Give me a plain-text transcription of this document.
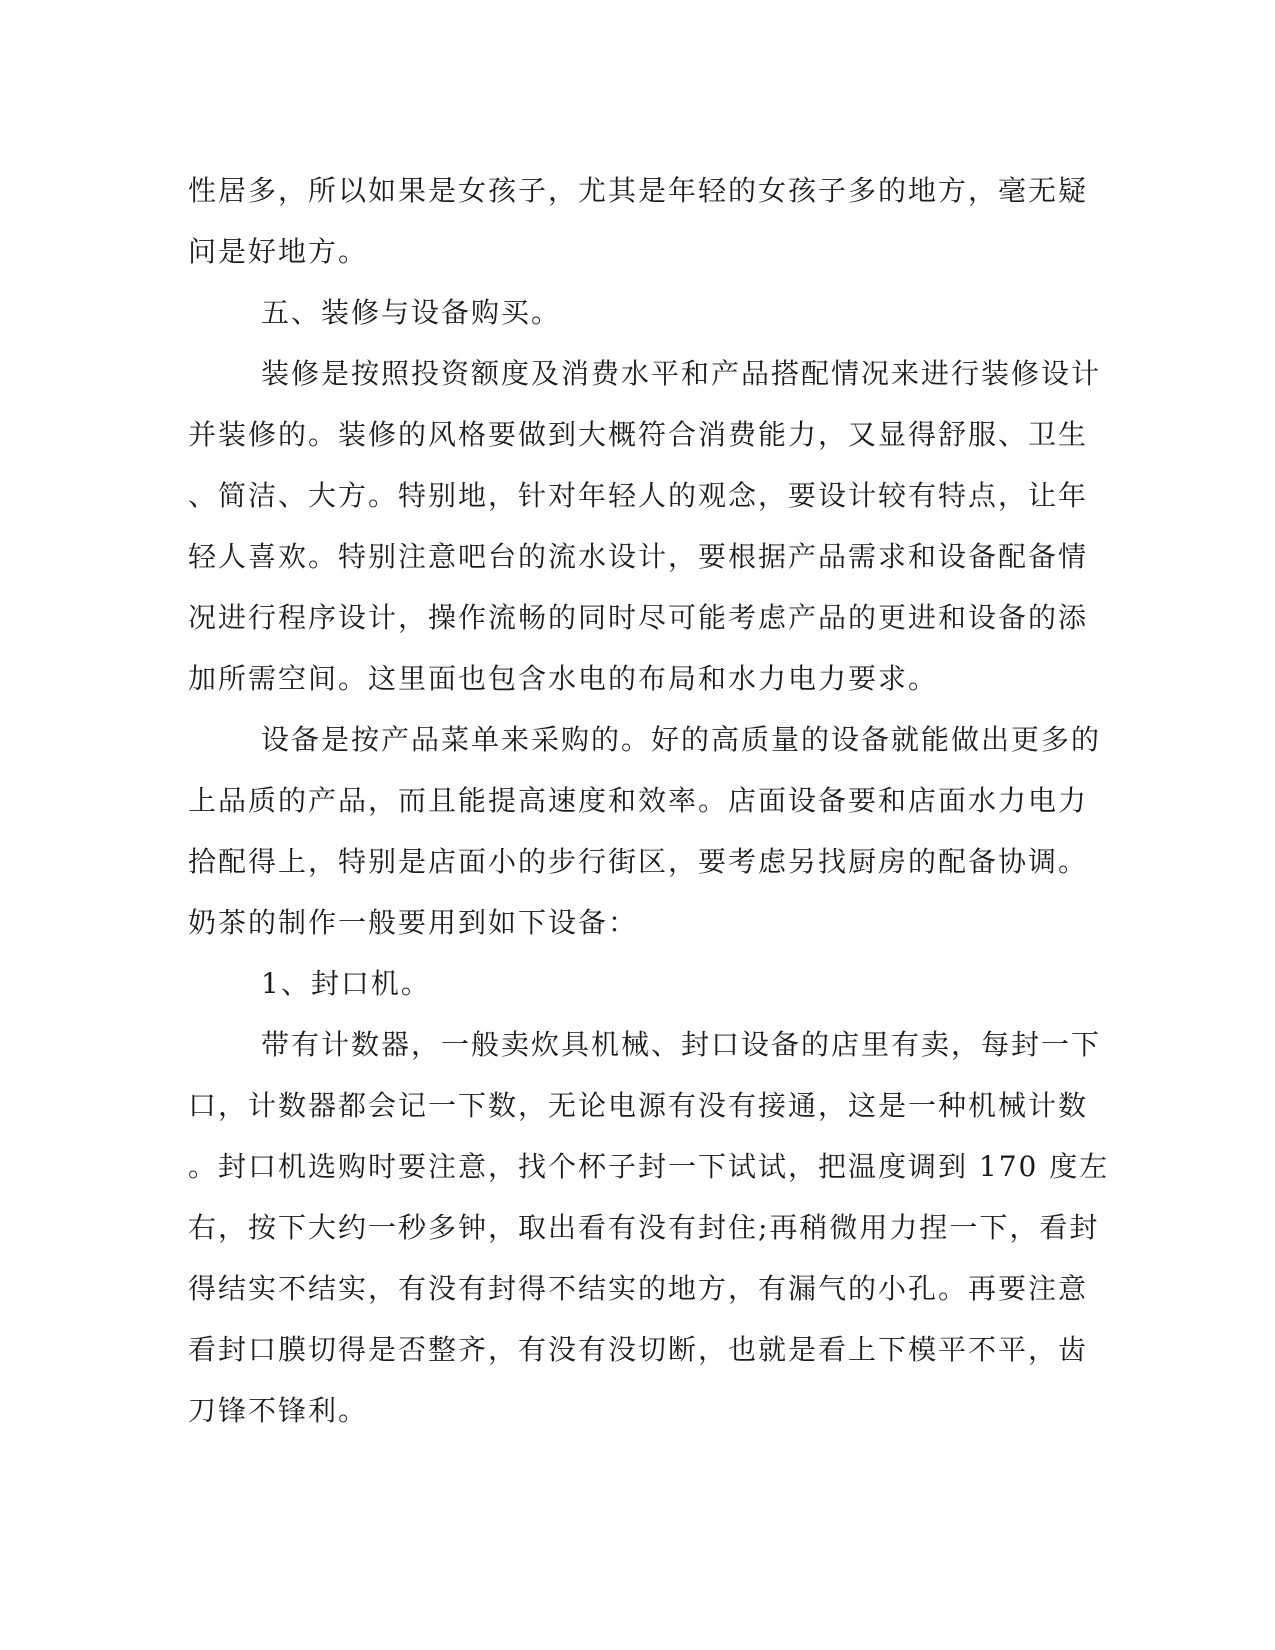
性居多，所以如果是女孩子，尤其是年轻的女孩子多的地方，毫无疑
问是好地方。
五、装修与设备购买。
装修是按照投资额度及消费水平和产品搭配情况来进行装修设计
并装修的。装修的风格要做到大概符合消费能力，又显得舒服、卫生
、简洁、大方。特别地，针对年轻人的观念，要设计较有特点，让年
轻人喜欢。特别注意吧台的流水设计，要根据产品需求和设备配备情
况进行程序设计，操作流畅的同时尽可能考虑产品的更进和设备的添
加所需空间。这里面也包含水电的布局和水力电力要求。
设备是按产品菜单来采购的。好的高质量的设备就能做出更多的
上品质的产品，而且能提高速度和效率。店面设备要和店面水力电力
拾配得上，特别是店面小的步行街区，要考虑另找厨房的配备协调。
奶茶的制作一般要用到如下设备：
1、封口机。
带有计数器，一般卖炊具机械、封口设备的店里有卖，每封一下
口，计数器都会记一下数，无论电源有没有接通，这是一种机械计数
。封口机选购时要注意，找个杯子封一下试试，把温度调到 170 度左
右，按下大约一秒多钟，取出看有没有封住;再稍微用力捏一下，看封
得结实不结实，有没有封得不结实的地方，有漏气的小孔。再要注意
看封口膜切得是否整齐，有没有没切断，也就是看上下模平不平，齿
刀锋不锋利。
